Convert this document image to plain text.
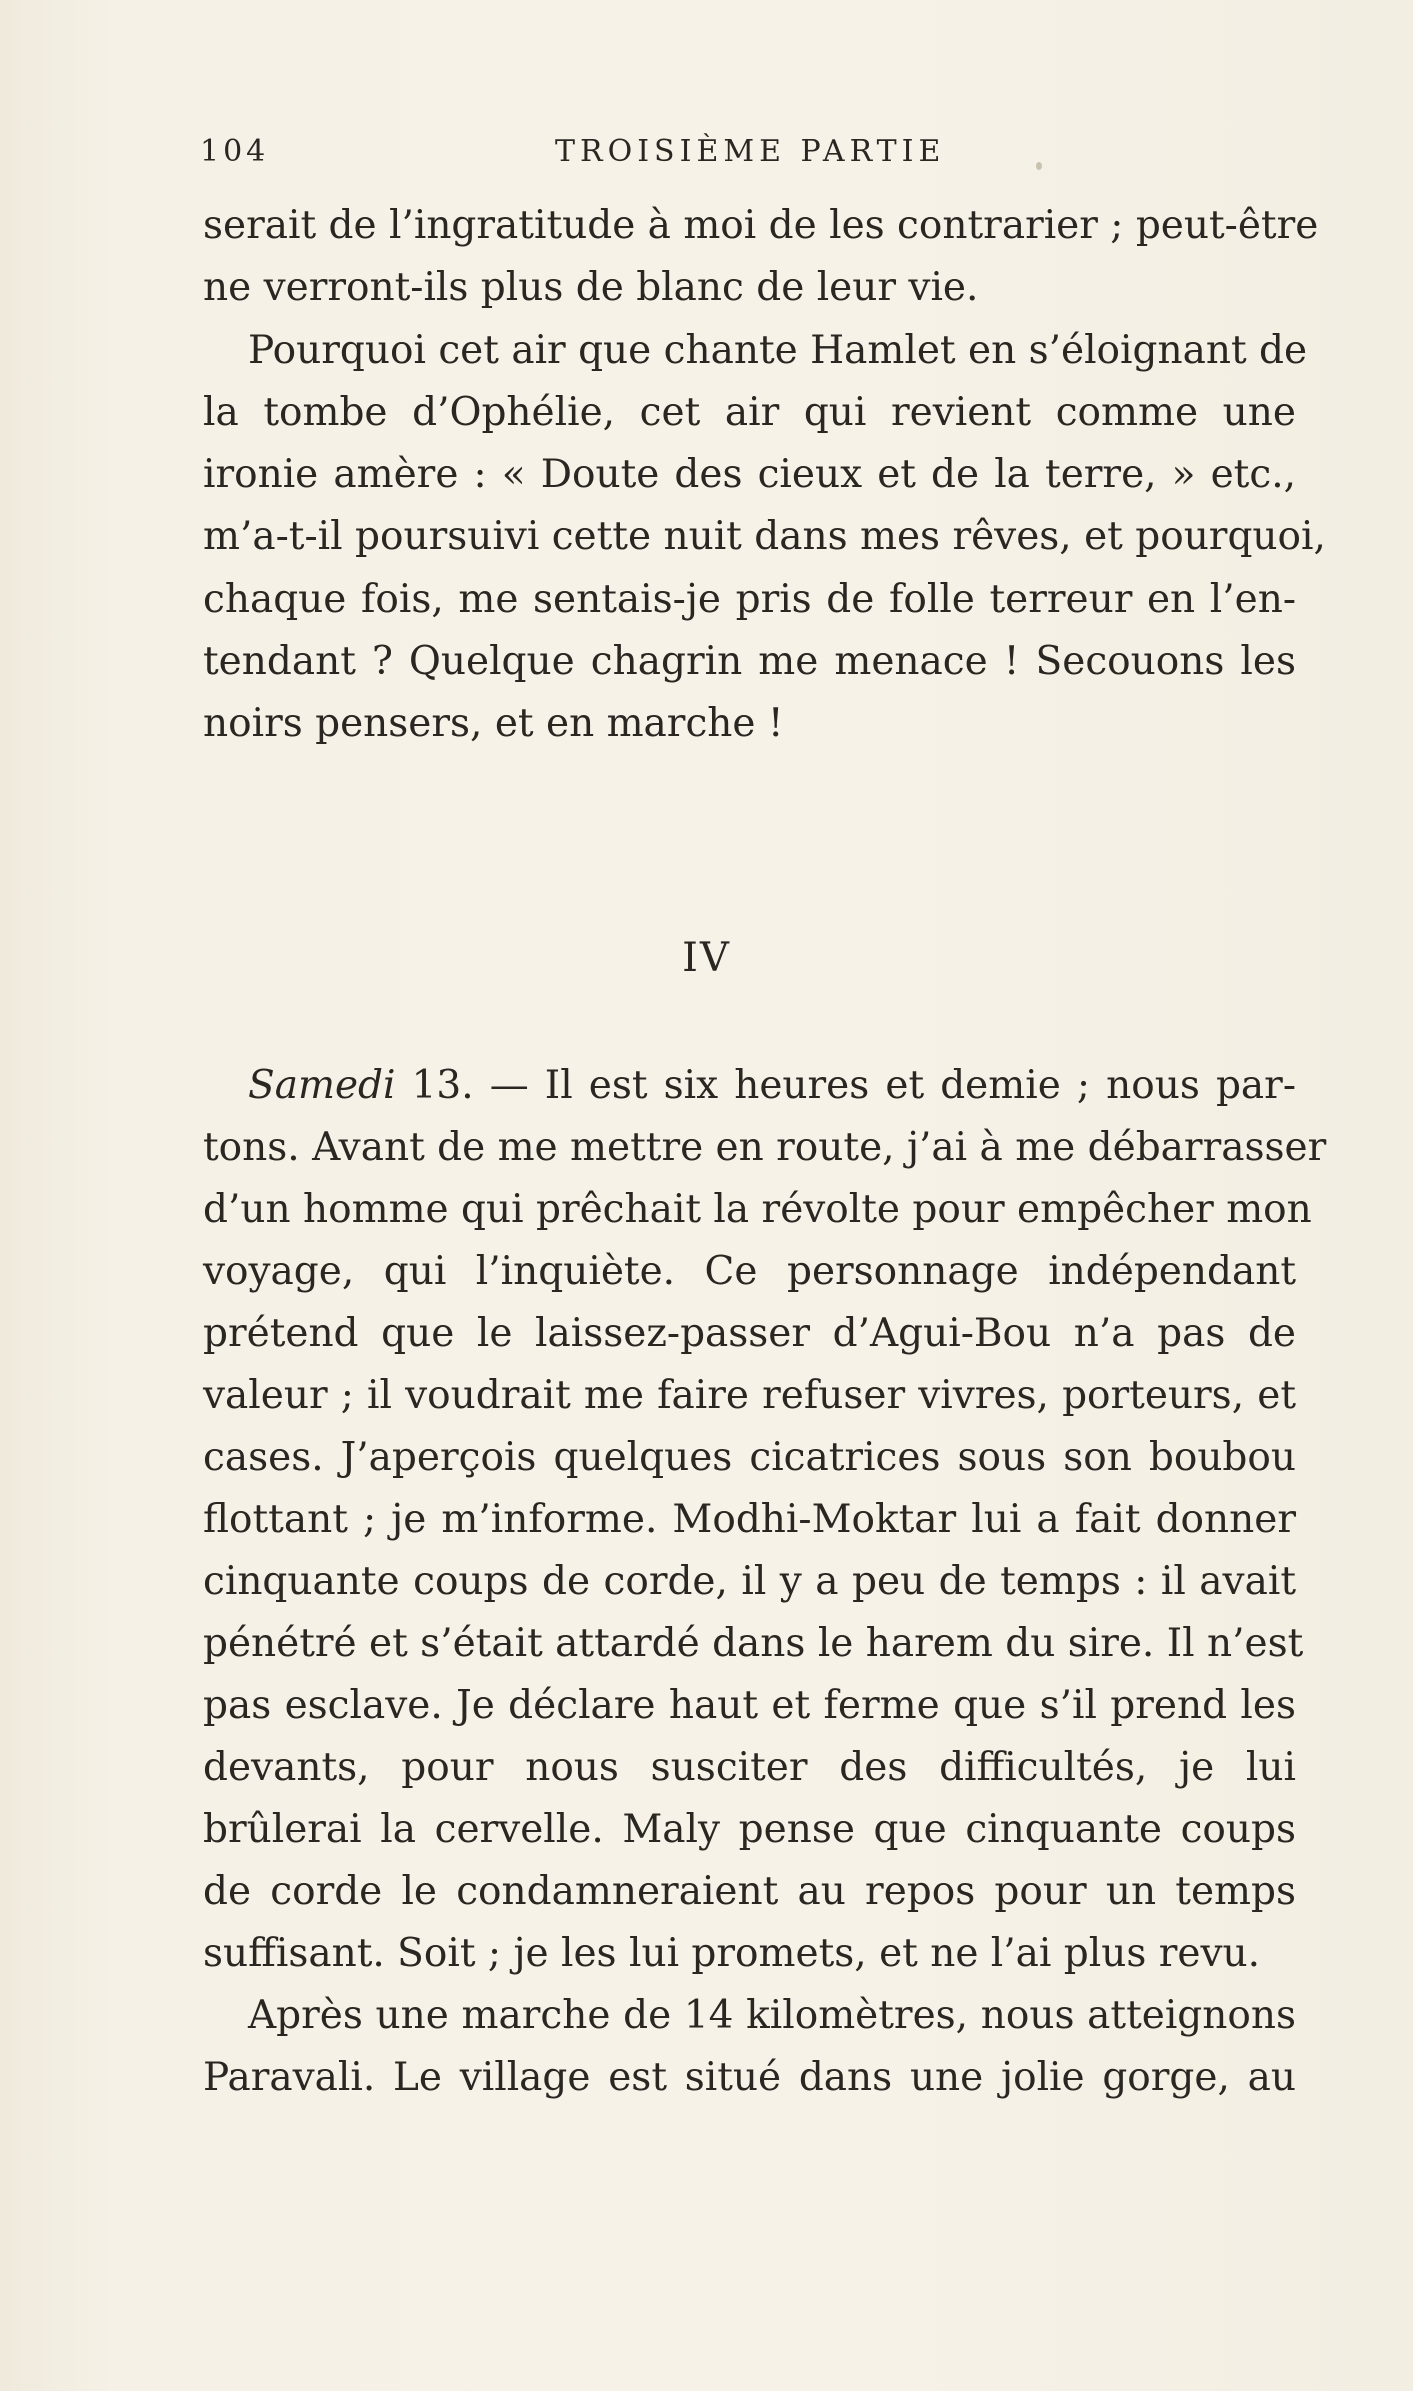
104	TROISIÈME PARTIE
serait de l’ingratitude à moi de les contrarier ; peut-être
ne verront-ils plus de blanc de leur vie.
Pourquoi cet air que chante Hamlet en s’éloignant de
la tombe d’Ophélie, cet air qui revient comme une
ironie amère : « Doute des cieux et de la terre, » etc.,
m’a-t-il poursuivi cette nuit dans mes rêves, et pourquoi,
chaque fois, me sentais-je pris de folle terreur en l’en-
tendant ? Quelque chagrin me menace ! Secouons les
noirs pensers, et en marche !
IV
Samedi 13. — Il est six heures et demie ; nous par-
tons. Avant de me mettre en route, j’ai à me débarrasser
d’un homme qui prêchait la révolte pour empêcher mon
voyage, qui l’inquiète. Ce personnage indépendant
prétend que le laissez-passer d’Agui-Bou n’a pas de
valeur ; il voudrait me faire refuser vivres, porteurs, et
cases. J’aperçois quelques cicatrices sous son boubou
flottant ; je m’informe. Modhi-Moktar lui a fait donner
cinquante coups de corde, il y a peu de temps : il avait
pénétré et s’était attardé dans le harem du sire. Il n’est
pas esclave. Je déclare haut et ferme que s’il prend les
devants, pour nous susciter des difficultés, je lui
brûlerai la cervelle. Maly pense que cinquante coups
de corde le condamneraient au repos pour un temps
suffisant. Soit ; je les lui promets, et ne l’ai plus revu.
Après une marche de 14 kilomètres, nous atteignons
Paravali. Le village est situé dans une jolie gorge, au
